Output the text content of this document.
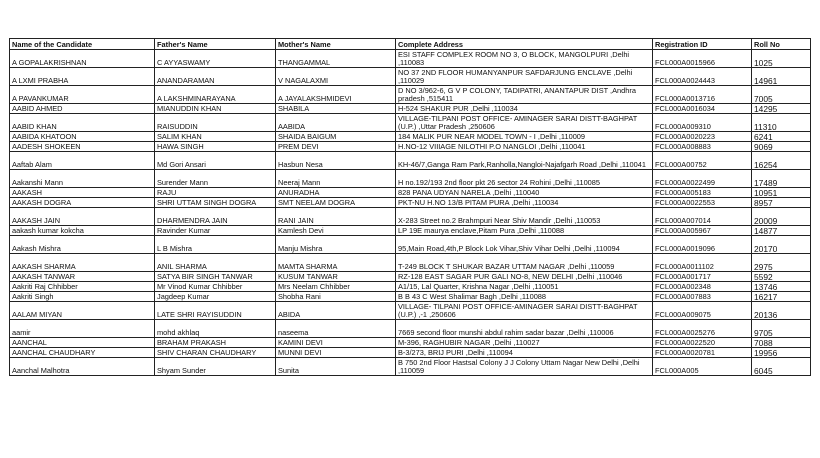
Name of the Candidate	Father's Name	Mother's Name	Complete Address	Registration ID	Roll No
A GOPALAKRISHNAN	C AYYASWAMY	THANGAMMAL	ESI STAFF COMPLEX ROOM NO 3, O BLOCK, MANGOLPURI ,Delhi ,110083	FCL000A0015966	1025
A LXMI PRABHA	ANANDARAMAN	V NAGALAXMI	NO 37 2ND FLOOR HUMANYANPUR SAFDARJUNG ENCLAVE ,Delhi ,110029	FCL000A0024443	14961
A PAVANKUMAR	A LAKSHMINARAYANA	A JAYALAKSHMIDEVI	D NO 3/962-6, G V P COLONY, TADIPATRI, ANANTAPUR DIST ,Andhra pradesh ,515411	FCL000A0013716	7005
AABID AHMED	MIANUDDIN KHAN	SHABILA	H-524 SHAKUR PUR ,Delhi ,110034	FCL000A0016034	14295
AABID KHAN	RAISUDDIN	AABIDA	VILLAGE-TILPANI POST OFFICE- AMINAGER SARAI DISTT-BAGHPAT (U.P.) ,Uttar Pradesh ,250606	FCL000A009310	11310
AABIDA KHATOON	SALIM KHAN	SHAIDA BAIGUM	184 MALIK PUR NEAR MODEL TOWN - I ,Delhi ,110009	FCL000A0020223	6241
AADESH SHOKEEN	HAWA SINGH	PREM DEVI	H.NO-12 VIIIAGE NILOTHI P.O NANGLOI ,Delhi ,110041	FCL000A008883	9069
Aaftab Alam	Md Gori Ansari	Hasbun Nesa	KH-46/7,Ganga Ram Park,Ranholla,Nangloi-Najafgarh Road ,Delhi ,110041	FCL000A00752	16254
Aakanshi Mann	Surender Mann	Neeraj Mann	H no.192/193 2nd floor pkt 26 sector 24 Rohini ,Delhi ,110085	FCL000A0022499	17489
AAKASH	RAJU	ANURADHA	828 PANA UDYAN NARELA ,Delhi ,110040	FCL000A005183	10951
AAKASH DOGRA	SHRI UTTAM SINGH DOGRA	SMT NEELAM DOGRA	PKT-NU H.NO 13/B PITAM PURA ,Delhi ,110034	FCL000A0022553	8957
AAKASH JAIN	DHARMENDRA JAIN	RANI JAIN	X-283 Street no.2 Brahmpuri Near Shiv Mandir ,Delhi ,110053	FCL000A007014	20009
aakash kumar kokcha	Ravinder Kumar	Kamlesh Devi	LP 19E maurya enclave,Pitam Pura ,Delhi ,110088	FCL000A005967	14877
Aakash Mishra	L B Mishra	Manju Mishra	95,Main Road,4th,P Block Lok Vihar,Shiv Vihar Delhi ,Delhi ,110094	FCL000A0019096	20170
AAKASH SHARMA	ANIL SHARMA	MAMTA SHARMA	T-249 BLOCK T SHUKAR BAZAR UTTAM NAGAR ,Delhi ,110059	FCL000A0011102	2975
AAKASH TANWAR	SATYA BIR SINGH TANWAR	KUSUM TANWAR	RZ-128 EAST SAGAR PUR GALI NO-8, NEW DELHI ,Delhi ,110046	FCL000A001717	5592
Aakriti Raj Chhibber	Mr Vinod Kumar Chhibber	Mrs Neelam Chhibber	A1/15, Lal Quarter, Krishna Nagar ,Delhi ,110051	FCL000A002348	13746
Aakriti Singh	Jagdeep Kumar	Shobha Rani	B B 43 C West Shalimar Bagh ,Delhi ,110088	FCL000A007883	16217
AALAM MIYAN	LATE SHRI RAYISUDDIN	ABIDA	VILLAGE- TILPANI POST OFFICE-AMINAGER SARAI DISTT-BAGHPAT (U.P.) ,-1 ,250606	FCL000A009075	20136
aamir	mohd akhlaq	naseema	7669 second floor munshi abdul rahim sadar bazar ,Delhi ,110006	FCL000A0025276	9705
AANCHAL	BRAHAM PRAKASH	KAMINI DEVI	M-396, RAGHUBIR NAGAR ,Delhi ,110027	FCL000A0022520	7088
AANCHAL CHAUDHARY	SHIV CHARAN CHAUDHARY	MUNNI DEVI	B-3/273, BRIJ PURI ,Delhi ,110094	FCL000A0020781	19956
Aanchal Malhotra	Shyam Sunder	Sunita	B 750 2nd Floor Hastsal Colony J J Colony Uttam Nagar New Delhi ,Delhi ,110059	FCL000A005	6045
